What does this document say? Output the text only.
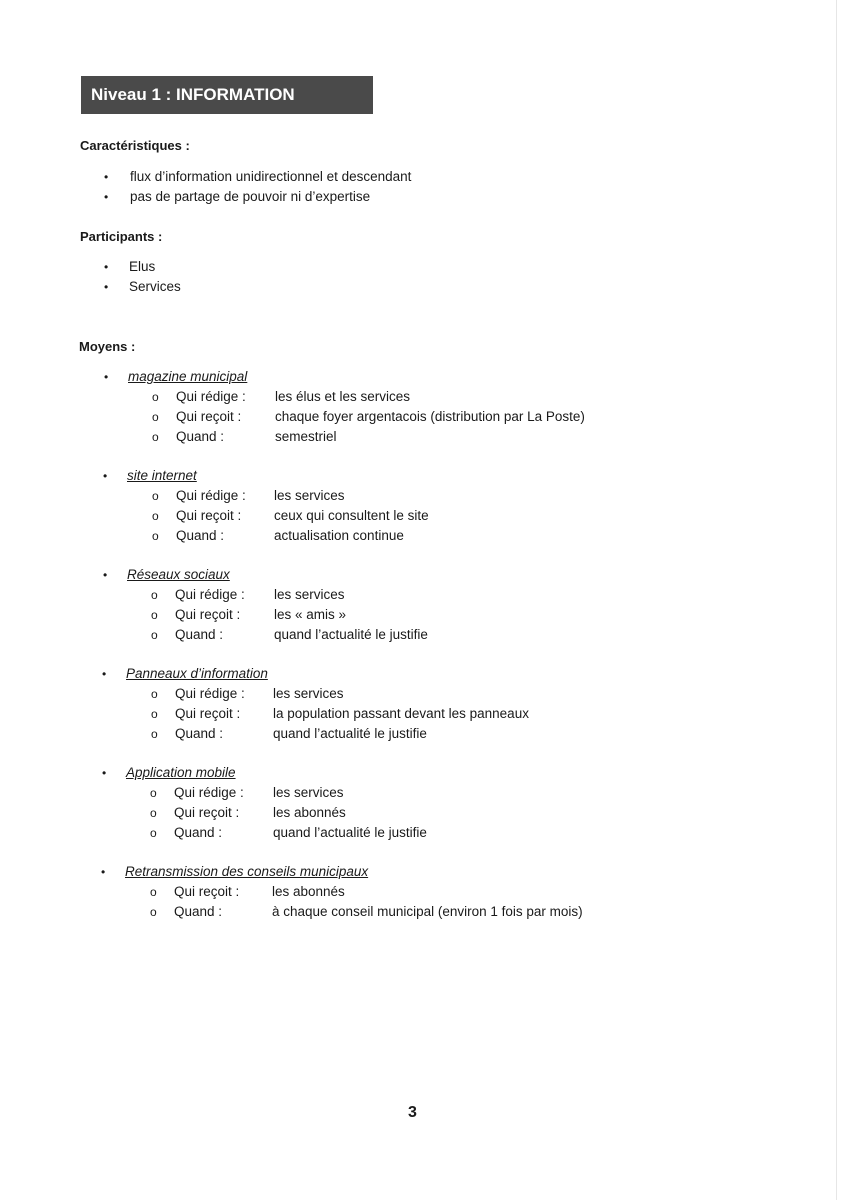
Niveau 1 : INFORMATION
Caractéristiques :
• flux d’information unidirectionnel et descendant
• pas de partage de pouvoir ni d’expertise
Participants :
• Elus
• Services
Moyens :
• magazine municipal
o Qui rédige : les élus et les services
o Qui reçoit : chaque foyer argentacois (distribution par La Poste)
o Quand :	semestriel
• site internet
o Qui rédige : les services
o Qui reçoit : ceux qui consultent le site
o Quand :	actualisation continue
• Réseaux sociaux
o Qui rédige : les services
o Qui reçoit : les « amis »
o Quand :	quand l’actualité le justifie
• Panneaux d’information
o Qui rédige : les services
o Qui reçoit : la population passant devant les panneaux
o Quand :	quand l’actualité le justifie
• Application mobile
o Qui rédige : les services
o Qui reçoit : les abonnés
o Quand :	quand l’actualité le justifie
• Retransmission des conseils municipaux
o Qui reçoit : les abonnés
o Quand :	à chaque conseil municipal (environ 1 fois par mois)
3
